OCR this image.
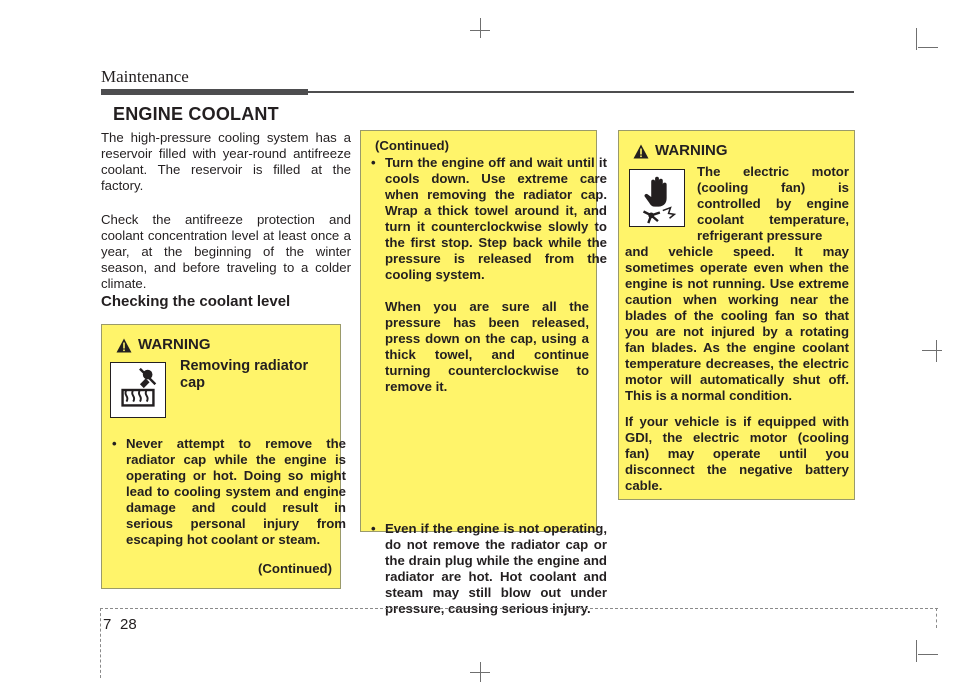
Maintenance
ENGINE COOLANT
The high-pressure cooling system has a reservoir filled with year-round antifreeze coolant. The reservoir is filled at the factory.
Check the antifreeze protection and coolant concentration level at least once a year, at the beginning of the winter season, and before traveling to a colder climate.
Checking the coolant level
WARNING
Removing radiator cap
• Never attempt to remove the radiator cap while the engine is operating or hot. Doing so might lead to cooling system and engine damage and could result in serious personal injury from escaping hot coolant or steam.
(Continued)
(Continued)
• Turn the engine off and wait until it cools down. Use extreme care when removing the radiator cap. Wrap a thick towel around it, and turn it counterclockwise slowly to the first stop. Step back while the pressure is released from the cooling system.
When you are sure all the pressure has been released, press down on the cap, using a thick towel, and continue turning counterclockwise to remove it.
• Even if the engine is not operating, do not remove the radiator cap or the drain plug while the engine and radiator are hot. Hot coolant and steam may still blow out under pressure, causing serious injury.
WARNING
The electric motor (cooling fan) is controlled by engine coolant temperature, refrigerant pressure
and vehicle speed. It may sometimes operate even when the engine is not running. Use extreme caution when working near the blades of the cooling fan so that you are not injured by a rotating fan blades. As the engine coolant temperature decreases, the electric motor will automatically shut off. This is a normal condition.
If your vehicle is if equipped with GDI, the electric motor (cooling fan) may operate until you disconnect the negative battery cable.
7 28
